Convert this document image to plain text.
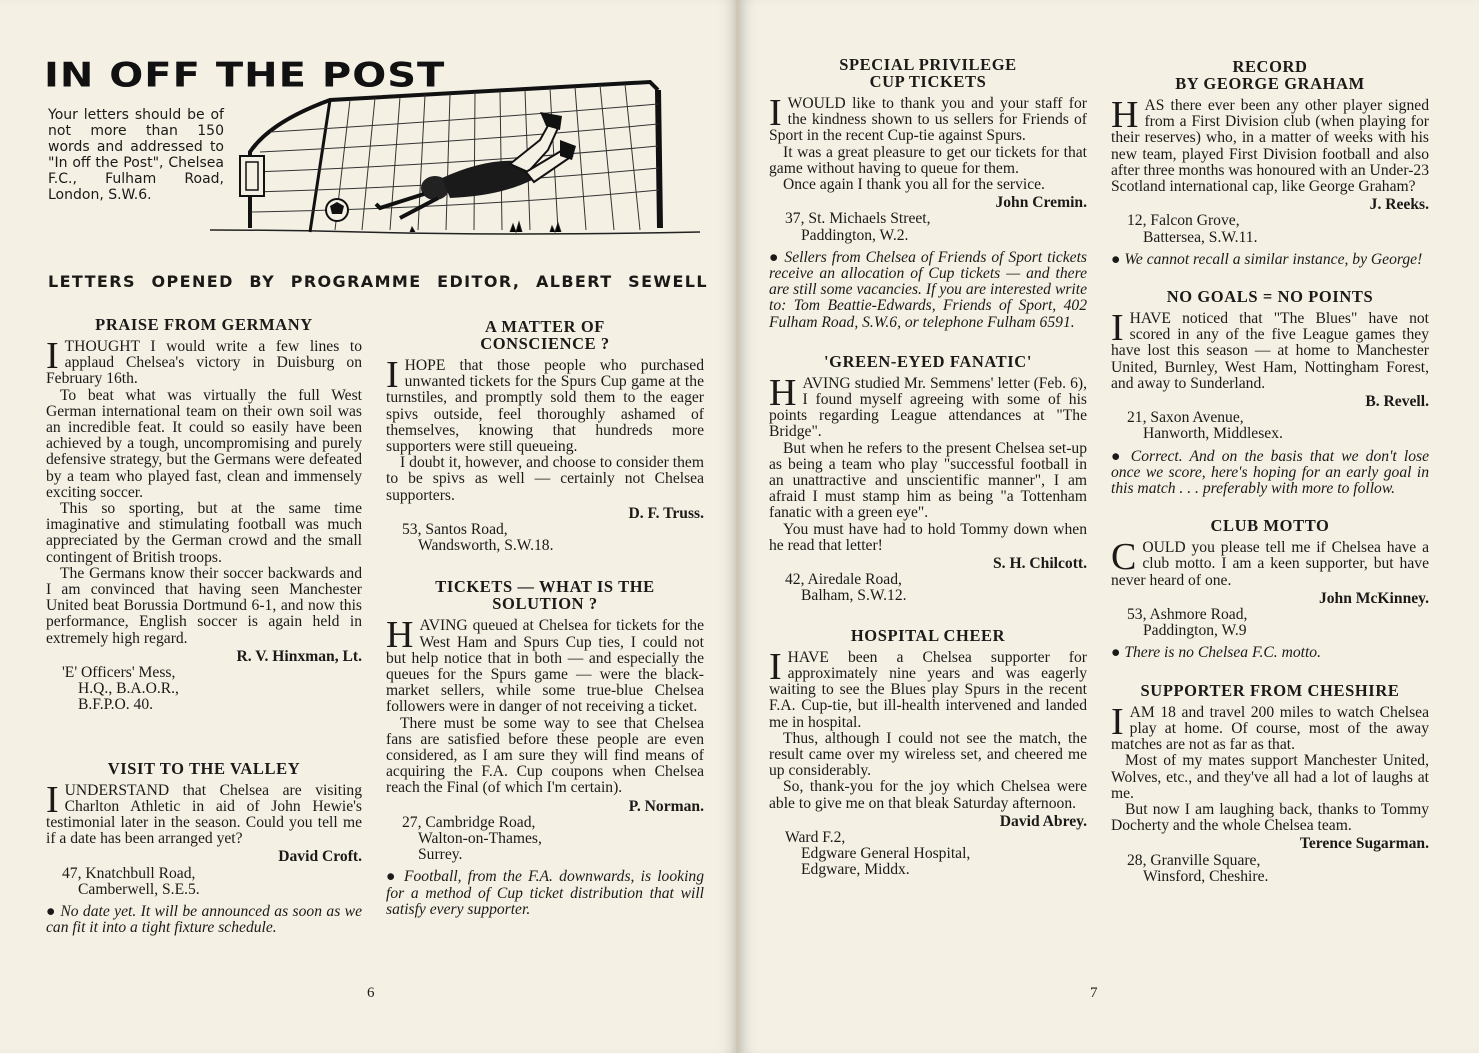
IN OFF THE POST
Your letters should be of not more than 150 words and addressed to "In off the Post", Chelsea F.C., Fulham Road, London, S.W.6.
LETTERS OPENED BY PROGRAMME EDITOR, ALBERT SEWELL
PRAISE FROM GERMANY

ITHOUGHT I would write a few lines to applaud Chelsea's victory in Duisburg on February 16th.

To beat what was virtually the full West German international team on their own soil was an incredible feat. It could so easily have been achieved by a tough, uncompromising and purely defensive strategy, but the Germans were defeated by a team who played fast, clean and immensely exciting soccer.

This so sporting, but at the same time imaginative and stimulating football was much appreciated by the German crowd and the small contingent of British troops.

The Germans know their soccer backwards and I am convinced that having seen Manchester United beat Borussia Dortmund 6-1, and now this performance, English soccer is again held in extremely high regard.

R. V. Hinxman, Lt.
'E' Officers' Mess,
H.Q., B.A.O.R.,
B.F.P.O. 40.
VISIT TO THE VALLEY

IUNDERSTAND that Chelsea are visiting Charlton Athletic in aid of John Hewie's testimonial later in the season. Could you tell me if a date has been arranged yet?

David Croft.
47, Knatchbull Road,
Camberwell, S.E.5.
● No date yet. It will be announced as soon as we can fit it into a tight fixture schedule.
A MATTER OF
CONSCIENCE ?

IHOPE that those people who purchased unwanted tickets for the Spurs Cup game at the turnstiles, and promptly sold them to the eager spivs outside, feel thoroughly ashamed of themselves, knowing that hundreds more supporters were still queueing.

I doubt it, however, and choose to consider them to be spivs as well — certainly not Chelsea supporters.

D. F. Truss.
53, Santos Road,
Wandsworth, S.W.18.
TICKETS — WHAT IS THE
SOLUTION ?

HAVING queued at Chelsea for tickets for the West Ham and Spurs Cup ties, I could not but help notice that in both — and especially the queues for the Spurs game — were the black-market sellers, while some true-blue Chelsea followers were in danger of not receiving a ticket.

There must be some way to see that Chelsea fans are satisfied before these people are even considered, as I am sure they will find means of acquiring the F.A. Cup coupons when Chelsea reach the Final (of which I'm certain).

P. Norman.
27, Cambridge Road,
Walton-on-Thames,
Surrey.
● Football, from the F.A. downwards, is looking for a method of Cup ticket distribution that will satisfy every supporter.
6
SPECIAL PRIVILEGE
CUP TICKETS

IWOULD like to thank you and your staff for the kindness shown to us sellers for Friends of Sport in the recent Cup-tie against Spurs.

It was a great pleasure to get our tickets for that game without having to queue for them.

Once again I thank you all for the service.

John Cremin.
37, St. Michaels Street,
Paddington, W.2.
● Sellers from Chelsea of Friends of Sport tickets receive an allocation of Cup tickets — and there are still some vacancies. If you are interested write to: Tom Beattie-Edwards, Friends of Sport, 402 Fulham Road, S.W.6, or telephone Fulham 6591.
'GREEN-EYED FANATIC'

HAVING studied Mr. Semmens' letter (Feb. 6), I found myself agreeing with some of his points regarding League attendances at "The Bridge".

But when he refers to the present Chelsea set-up as being a team who play "successful football in an unattractive and unscientific manner", I am afraid I must stamp him as being "a Tottenham fanatic with a green eye".

You must have had to hold Tommy down when he read that letter!

S. H. Chilcott.
42, Airedale Road,
Balham, S.W.12.
HOSPITAL CHEER

IHAVE been a Chelsea supporter for approximately nine years and was eagerly waiting to see the Blues play Spurs in the recent F.A. Cup-tie, but ill-health intervened and landed me in hospital.

Thus, although I could not see the match, the result came over my wireless set, and cheered me up considerably.

So, thank-you for the joy which Chelsea were able to give me on that bleak Saturday afternoon.

David Abrey.
Ward F.2,
Edgware General Hospital,
Edgware, Middx.
RECORD
BY GEORGE GRAHAM

HAS there ever been any other player signed from a First Division club (when playing for their reserves) who, in a matter of weeks with his new team, played First Division football and also after three months was honoured with an Under-23 Scotland international cap, like George Graham?

J. Reeks.
12, Falcon Grove,
Battersea, S.W.11.
● We cannot recall a similar instance, by George!
NO GOALS = NO POINTS

IHAVE noticed that "The Blues" have not scored in any of the five League games they have lost this season — at home to Manchester United, Burnley, West Ham, Nottingham Forest, and away to Sunderland.

B. Revell.
21, Saxon Avenue,
Hanworth, Middlesex.
● Correct. And on the basis that we don't lose once we score, here's hoping for an early goal in this match . . . preferably with more to follow.
CLUB MOTTO

COULD you please tell me if Chelsea have a club motto. I am a keen supporter, but have never heard of one.

John McKinney.
53, Ashmore Road,
Paddington, W.9
● There is no Chelsea F.C. motto.
SUPPORTER FROM CHESHIRE

IAM 18 and travel 200 miles to watch Chelsea play at home. Of course, most of the away matches are not as far as that.

Most of my mates support Manchester United, Wolves, etc., and they've all had a lot of laughs at me.

But now I am laughing back, thanks to Tommy Docherty and the whole Chelsea team.

Terence Sugarman.
28, Granville Square,
Winsford, Cheshire.
7
